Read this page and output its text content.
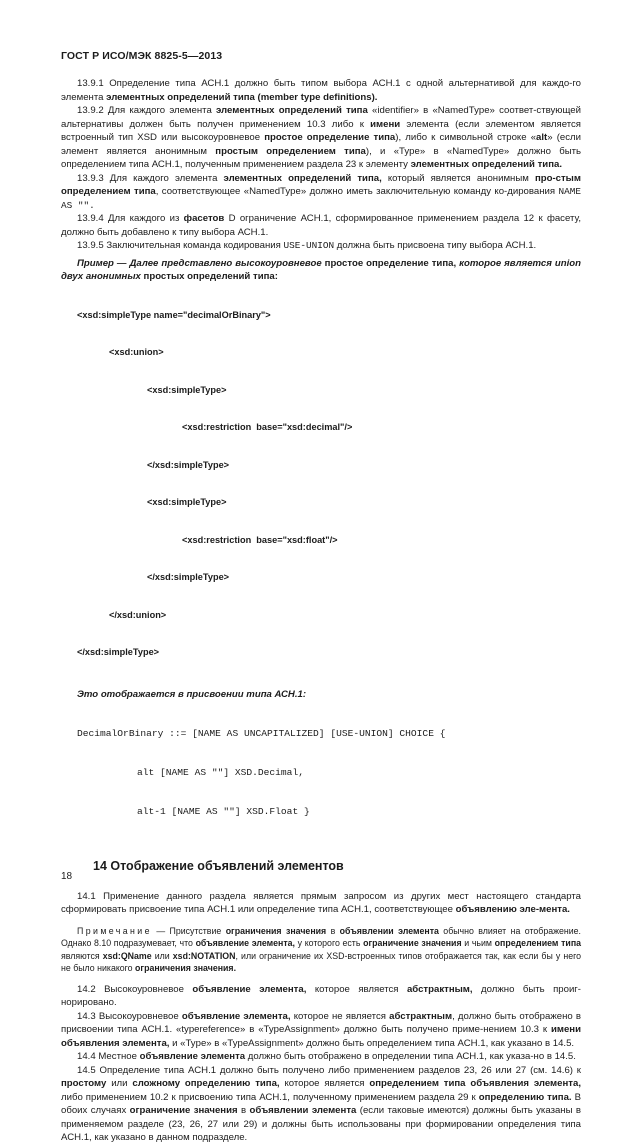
ГОСТ Р ИСО/МЭК 8825-5—2013

13.9.1 Определение типа АСН.1 должно быть типом выбора АСН.1 с одной альтернативой для каждо-го элемента элементных определений типа (member type definitions).

13.9.2 Для каждого элемента элементных определений типа «identifier» в «NamedType» соответ-ствующей альтернативы должен быть получен применением 10.3 либо к имени элемента (если элементом является встроенный тип XSD или высокоуровневое простое определение типа), либо к символьной строке «alt» (если элемент является анонимным простым определением типа), и «Type» в «NamedType» должно быть определением типа АСН.1, полученным применением раздела 23 к элементу элементных определений типа.

13.9.3 Для каждого элемента элементных определений типа, который является анонимным про-стым определением типа, соответствующее «NamedType» должно иметь заключительную команду ко-дирования NAME AS "".

13.9.4 Для каждого из фасетов D ограничение АСН.1, сформированное применением раздела 12 к фасету, должно быть добавлено к типу выбора АСН.1.

13.9.5 Заключительная команда кодирования USE-UNION должна быть присвоена типу выбора АСН.1.

Пример — Далее представлено высокоуровневое простое определение типа, которое является union двух анонимных простых определений типа:

<xsd:simpleType name="decimalOrBinary">

<xsd:union>

<xsd:simpleType>

<xsd:restriction  base="xsd:decimal"/>

</xsd:simpleType>

<xsd:simpleType>

<xsd:restriction  base="xsd:float"/>

</xsd:simpleType>

</xsd:union>

</xsd:simpleType>

Это отображается в присвоении типа АСН.1:

DecimalOrBinary ::= [NAME AS UNCAPITALIZED] [USE-UNION] CHOICE {

alt [NAME AS ""] XSD.Decimal,

alt-1 [NAME AS ""] XSD.Float }

14 Отображение объявлений элементов

14.1 Применение данного раздела является прямым запросом из других мест настоящего стандарта сформировать присвоение типа АСН.1 или определение типа АСН.1, соответствующее объявлению эле-мента.

Примечание — Присутствие ограничения значения в объявлении элемента обычно влияет на отображение. Однако 8.10 подразумевает, что объявление элемента, у которого есть ограничение значения и чьим определением типа являются xsd:QName или xsd:NOTATION, или ограничение их XSD-встроенных типов отображается так, как если бы у него не было никакого ограничения значения.

14.2 Высокоуровневое объявление элемента, которое является абстрактным, должно быть проиг-норировано.

14.3 Высокоуровневое объявление элемента, которое не является абстрактным, должно быть отображено в присвоении типа АСН.1. «typereference» в «TypeAssignment» должно быть получено приме-нением 10.3 к имени объявления элемента, и «Type» в «TypeAssignment» должно быть определением типа АСН.1, как указано в 14.5.

14.4 Местное объявление элемента должно быть отображено в определении типа АСН.1, как указа-но в 14.5.

14.5 Определение типа АСН.1 должно быть получено либо применением разделов 23, 26 или 27 (см. 14.6) к простому или сложному определению типа, которое является определением типа объявления элемента, либо применением 10.2 к присвоению типа АСН.1, полученному применением раздела 29 к определению типа. В обоих случаях ограничение значения в объявлении элемента (если таковые имеются) должны быть указаны в применяемом разделе (23, 26, 27 или 29) и должны быть использованы при формировании определения типа АСН.1, как указано в данном подразделе.

18
